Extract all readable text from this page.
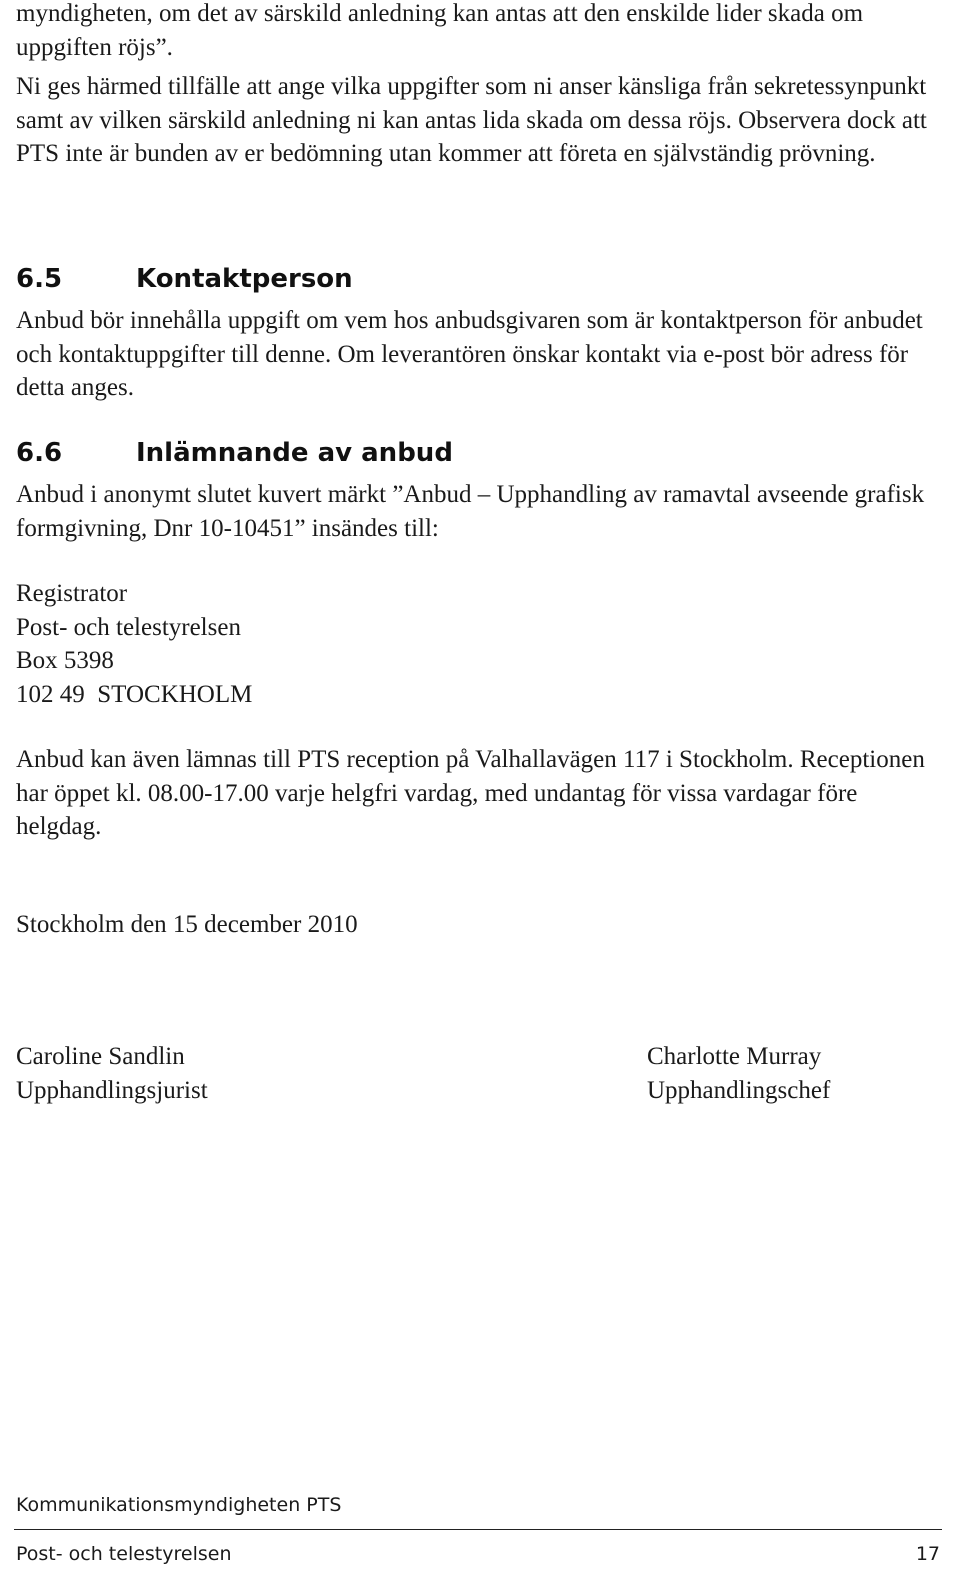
myndigheten, om det av särskild anledning kan antas att den enskilde lider skada om uppgiften röjs”.

Ni ges härmed tillfälle att ange vilka uppgifter som ni anser känsliga från sekretessynpunkt samt av vilken särskild anledning ni kan antas lida skada om dessa röjs. Observera dock att PTS inte är bunden av er bedömning utan kommer att företa en självständig prövning.

6.5	Kontaktperson

Anbud bör innehålla uppgift om vem hos anbudsgivaren som är kontaktperson för anbudet och kontaktuppgifter till denne. Om leverantören önskar kontakt via e-post bör adress för detta anges.

6.6	Inlämnande av anbud

Anbud i anonymt slutet kuvert märkt ”Anbud – Upphandling av ramavtal avseende grafisk formgivning, Dnr 10-10451” insändes till:

Registrator
Post- och telestyrelsen
Box 5398
102 49  STOCKHOLM

Anbud kan även lämnas till PTS reception på Valhallavägen 117 i Stockholm. Receptionen har öppet kl. 08.00-17.00 varje helgfri vardag, med undantag för vissa vardagar före helgdag.

Stockholm den 15 december 2010

Caroline Sandlin
Upphandlingsjurist
Charlotte Murray
Upphandlingschef
Kommunikationsmyndigheten PTS
Post- och telestyrelsen	17
